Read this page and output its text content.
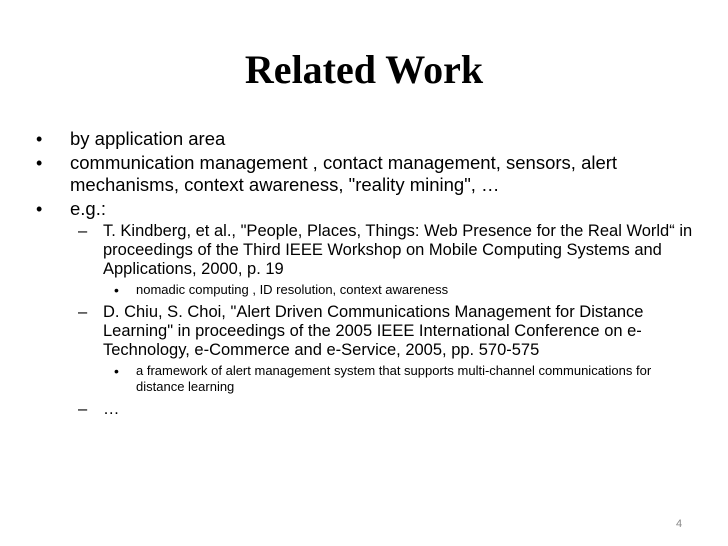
Related Work
• by application area
• communication management , contact management, sensors, alert mechanisms, context awareness, "reality mining", …
• e.g.:
– T. Kindberg, et al., "People, Places, Things: Web Presence for the Real World“ in proceedings of the Third IEEE Workshop on Mobile Computing Systems and Applications, 2000, p. 19
• nomadic computing , ID resolution, context awareness
– D. Chiu, S. Choi, "Alert Driven Communications Management for Distance Learning" in proceedings of the 2005 IEEE International Conference on e-Technology, e-Commerce and e-Service, 2005, pp. 570-575
• a framework of alert management system that supports multi-channel communications for distance learning
– …
4
